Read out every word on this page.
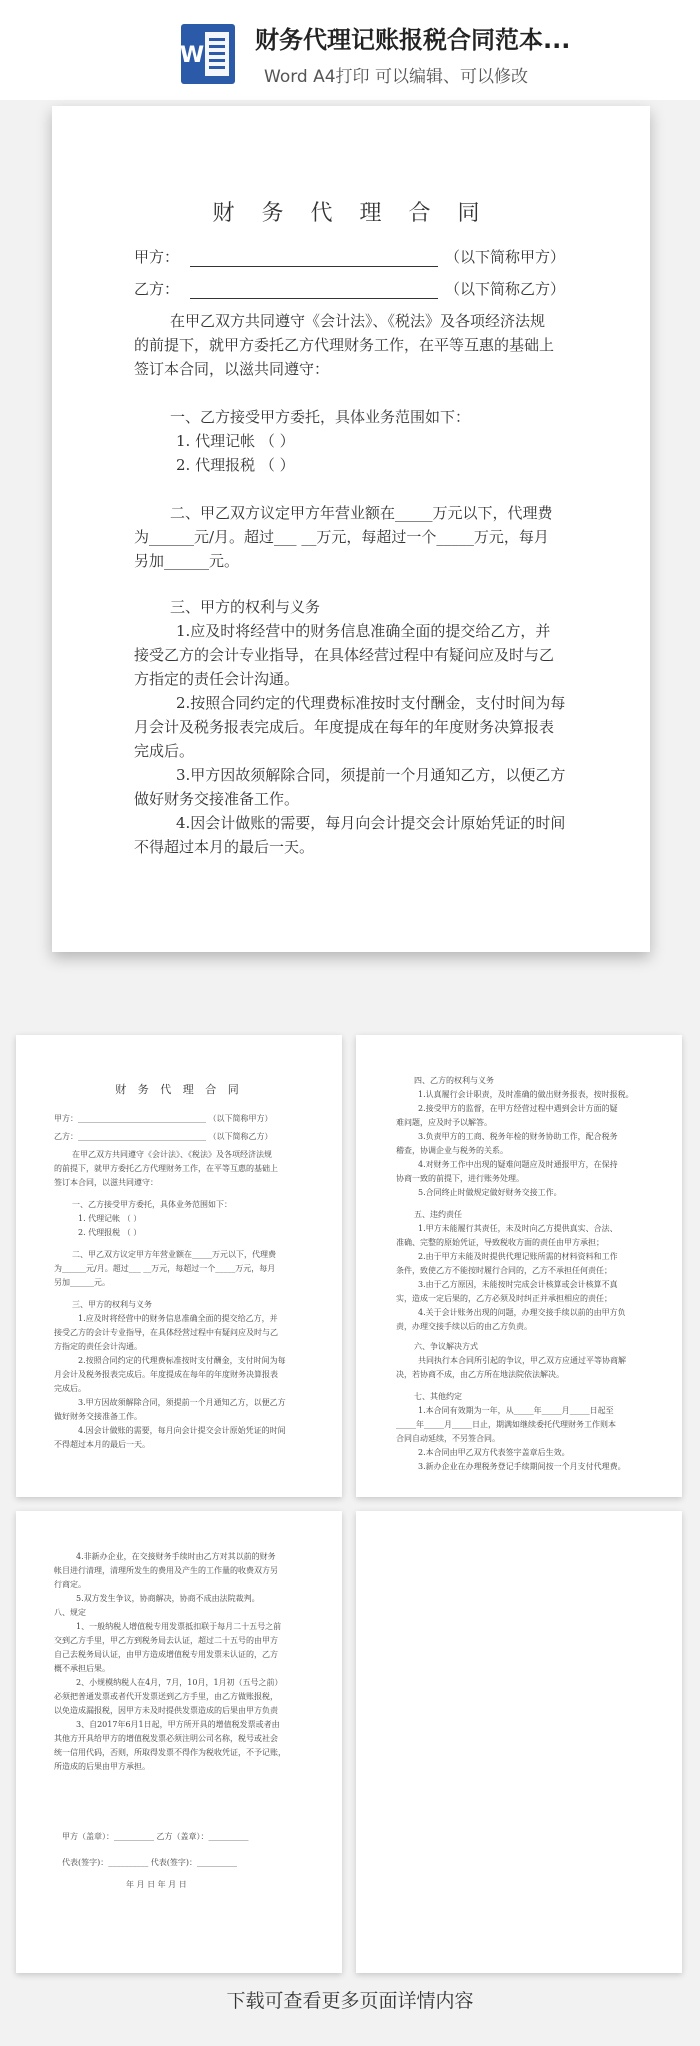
W
财务代理记账报税合同范本...
Word A4打印 可以编辑、可以修改
财 务 代 理 合 同
甲方：	（以下简称甲方）
乙方：	（以下简称乙方）
在甲乙双方共同遵守《会计法》、《税法》及各项经济法规
的前提下，就甲方委托乙方代理财务工作，在平等互惠的基础上
签订本合同，以滋共同遵守：
一、乙方接受甲方委托，具体业务范围如下：
1. 代理记帐 （ ）
2. 代理报税 （ ）
二、甲乙双方议定甲方年营业额在_____万元以下，代理费
为______元/月。超过___ __万元，每超过一个_____万元，每月
另加______元。
三、甲方的权利与义务
1.应及时将经营中的财务信息准确全面的提交给乙方，并
接受乙方的会计专业指导，在具体经营过程中有疑问应及时与乙
方指定的责任会计沟通。
2.按照合同约定的代理费标准按时支付酬金，支付时间为每
月会计及税务报表完成后。年度提成在每年的年度财务决算报表
完成后。
3.甲方因故须解除合同，须提前一个月通知乙方，以便乙方
做好财务交接准备工作。
4.因会计做账的需要，每月向会计提交会计原始凭证的时间
不得超过本月的最后一天。
财 务 代 理 合 同
甲方：________________________________ （以下简称甲方）
乙方：________________________________ （以下简称乙方）
在甲乙双方共同遵守《会计法》、《税法》及各项经济法规
的前提下，就甲方委托乙方代理财务工作，在平等互惠的基础上
签订本合同，以滋共同遵守：
一、乙方接受甲方委托，具体业务范围如下：
1. 代理记帐 （ ）
2. 代理报税 （ ）
二、甲乙双方议定甲方年营业额在_____万元以下，代理费
为______元/月。超过___ __万元，每超过一个_____万元，每月
另加______元。
三、甲方的权利与义务
1.应及时将经营中的财务信息准确全面的提交给乙方，并
接受乙方的会计专业指导，在具体经营过程中有疑问应及时与乙
方指定的责任会计沟通。
2.按照合同约定的代理费标准按时支付酬金，支付时间为每
月会计及税务报表完成后。年度提成在每年的年度财务决算报表
完成后。
3.甲方因故须解除合同，须提前一个月通知乙方，以便乙方
做好财务交接准备工作。
4.因会计做账的需要，每月向会计提交会计原始凭证的时间
不得超过本月的最后一天。
四、乙方的权利与义务
1.认真履行会计职责，及时准确的做出财务报表，按时报税。
2.接受甲方的监督，在甲方经营过程中遇到会计方面的疑
难问题，应及时予以解答。
3.负责甲方的工商、税务年检的财务协助工作，配合税务
稽查，协调企业与税务的关系。
4.对财务工作中出现的疑难问题应及时通报甲方，在保持
协商一致的前提下，进行账务处理。
5.合同终止时做规定做好财务交接工作。
五、违约责任
1.甲方未能履行其责任，未及时向乙方提供真实、合法、
准确、完整的原始凭证，导致税收方面的责任由甲方承担；
2.由于甲方未能及时提供代理记账所需的材料资料和工作
条件，致使乙方不能按时履行合同的，乙方不承担任何责任；
3.由于乙方原因，未能按时完成会计核算或会计核算不真
实，造成一定后果的，乙方必须及时纠正并承担相应的责任；
4.关于会计账务出现的问题，办理交接手续以前的由甲方负
责，办理交接手续以后的由乙方负责。
六、争议解决方式
共同执行本合同所引起的争议，甲乙双方应通过平等协商解
决，若协商不成，由乙方所在地法院依法解决。
七、其他约定
1.本合同有效期为一年，从_____年_____月_____日起至
_____年_____月_____日止，期满如继续委托代理财务工作则本
合同自动延续，不另签合同。
2.本合同由甲乙双方代表签字盖章后生效。
3.新办企业在办理税务登记手续期间按一个月支付代理费。
4.非新办企业，在交接财务手续时由乙方对其以前的财务
帐目进行清理，清理所发生的费用及产生的工作量的收费双方另
行商定。
5.双方发生争议，协商解决，协商不成由法院裁判。
八、规定
1、一般纳税人增值税专用发票抵扣联于每月二十五号之前
交到乙方手里，甲乙方到税务局去认证，超过二十五号的由甲方
自己去税务局认证，由甲方造成增值税专用发票未认证的，乙方
概不承担后果。
2、小规模纳税人在4月，7月，10月，1月初（五号之前）
必须把普通发票或者代开发票送到乙方手里，由乙方做账报税，
以免造成漏报税，因甲方未及时提供发票造成的后果由甲方负责
3、自2017年6月1日起，甲方所开具的增值税发票或者由
其他方开具给甲方的增值税发票必须注明公司名称，税号或社会
统一信用代码，否则，所取得发票不得作为税收凭证，不予记账，
所造成的后果由甲方承担。
甲方（盖章）：__________ 乙方（盖章）：__________
代表(签字)：__________ 代表(签字)：__________
年 月 日 年 月 日
下载可查看更多页面详情内容
